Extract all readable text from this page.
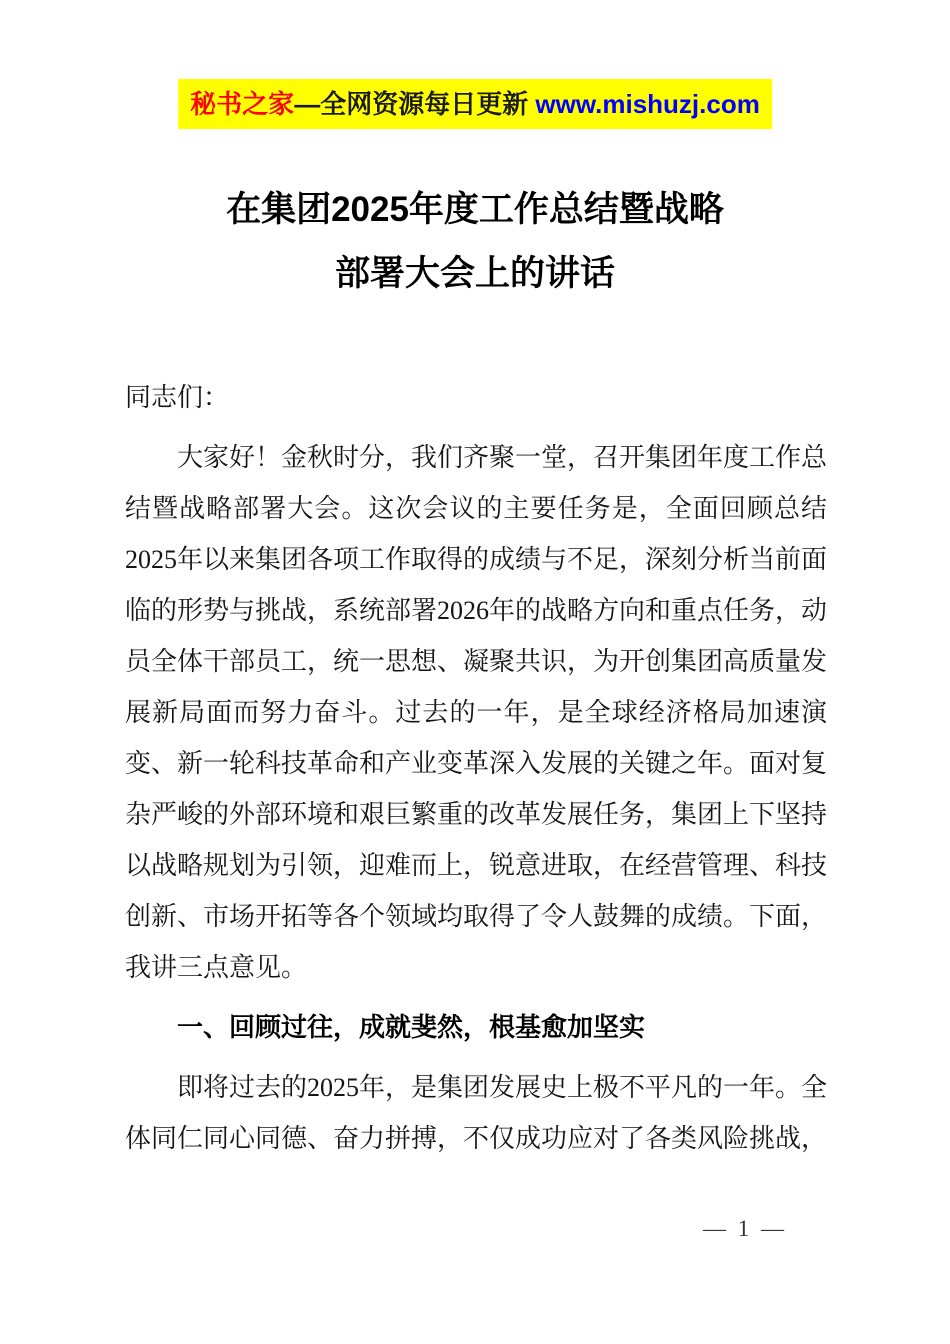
秘书之家—全网资源每日更新 www.mishuzj.com
在集团2025年度工作总结暨战略
部署大会上的讲话

同志们：

大家好！金秋时分，我们齐聚一堂，召开集团年度工作总结暨战略部署大会。这次会议的主要任务是，全面回顾总结2025年以来集团各项工作取得的成绩与不足，深刻分析当前面临的形势与挑战，系统部署2026年的战略方向和重点任务，动员全体干部员工，统一思想、凝聚共识，为开创集团高质量发展新局面而努力奋斗。过去的一年，是全球经济格局加速演变、新一轮科技革命和产业变革深入发展的关键之年。面对复杂严峻的外部环境和艰巨繁重的改革发展任务，集团上下坚持以战略规划为引领，迎难而上，锐意进取，在经营管理、科技创新、市场开拓等各个领域均取得了令人鼓舞的成绩。下面，我讲三点意见。

一、回顾过往，成就斐然，根基愈加坚实

即将过去的2025年，是集团发展史上极不平凡的一年。全体同仁同心同德、奋力拼搏，不仅成功应对了各类风险挑战，

— 1 —
